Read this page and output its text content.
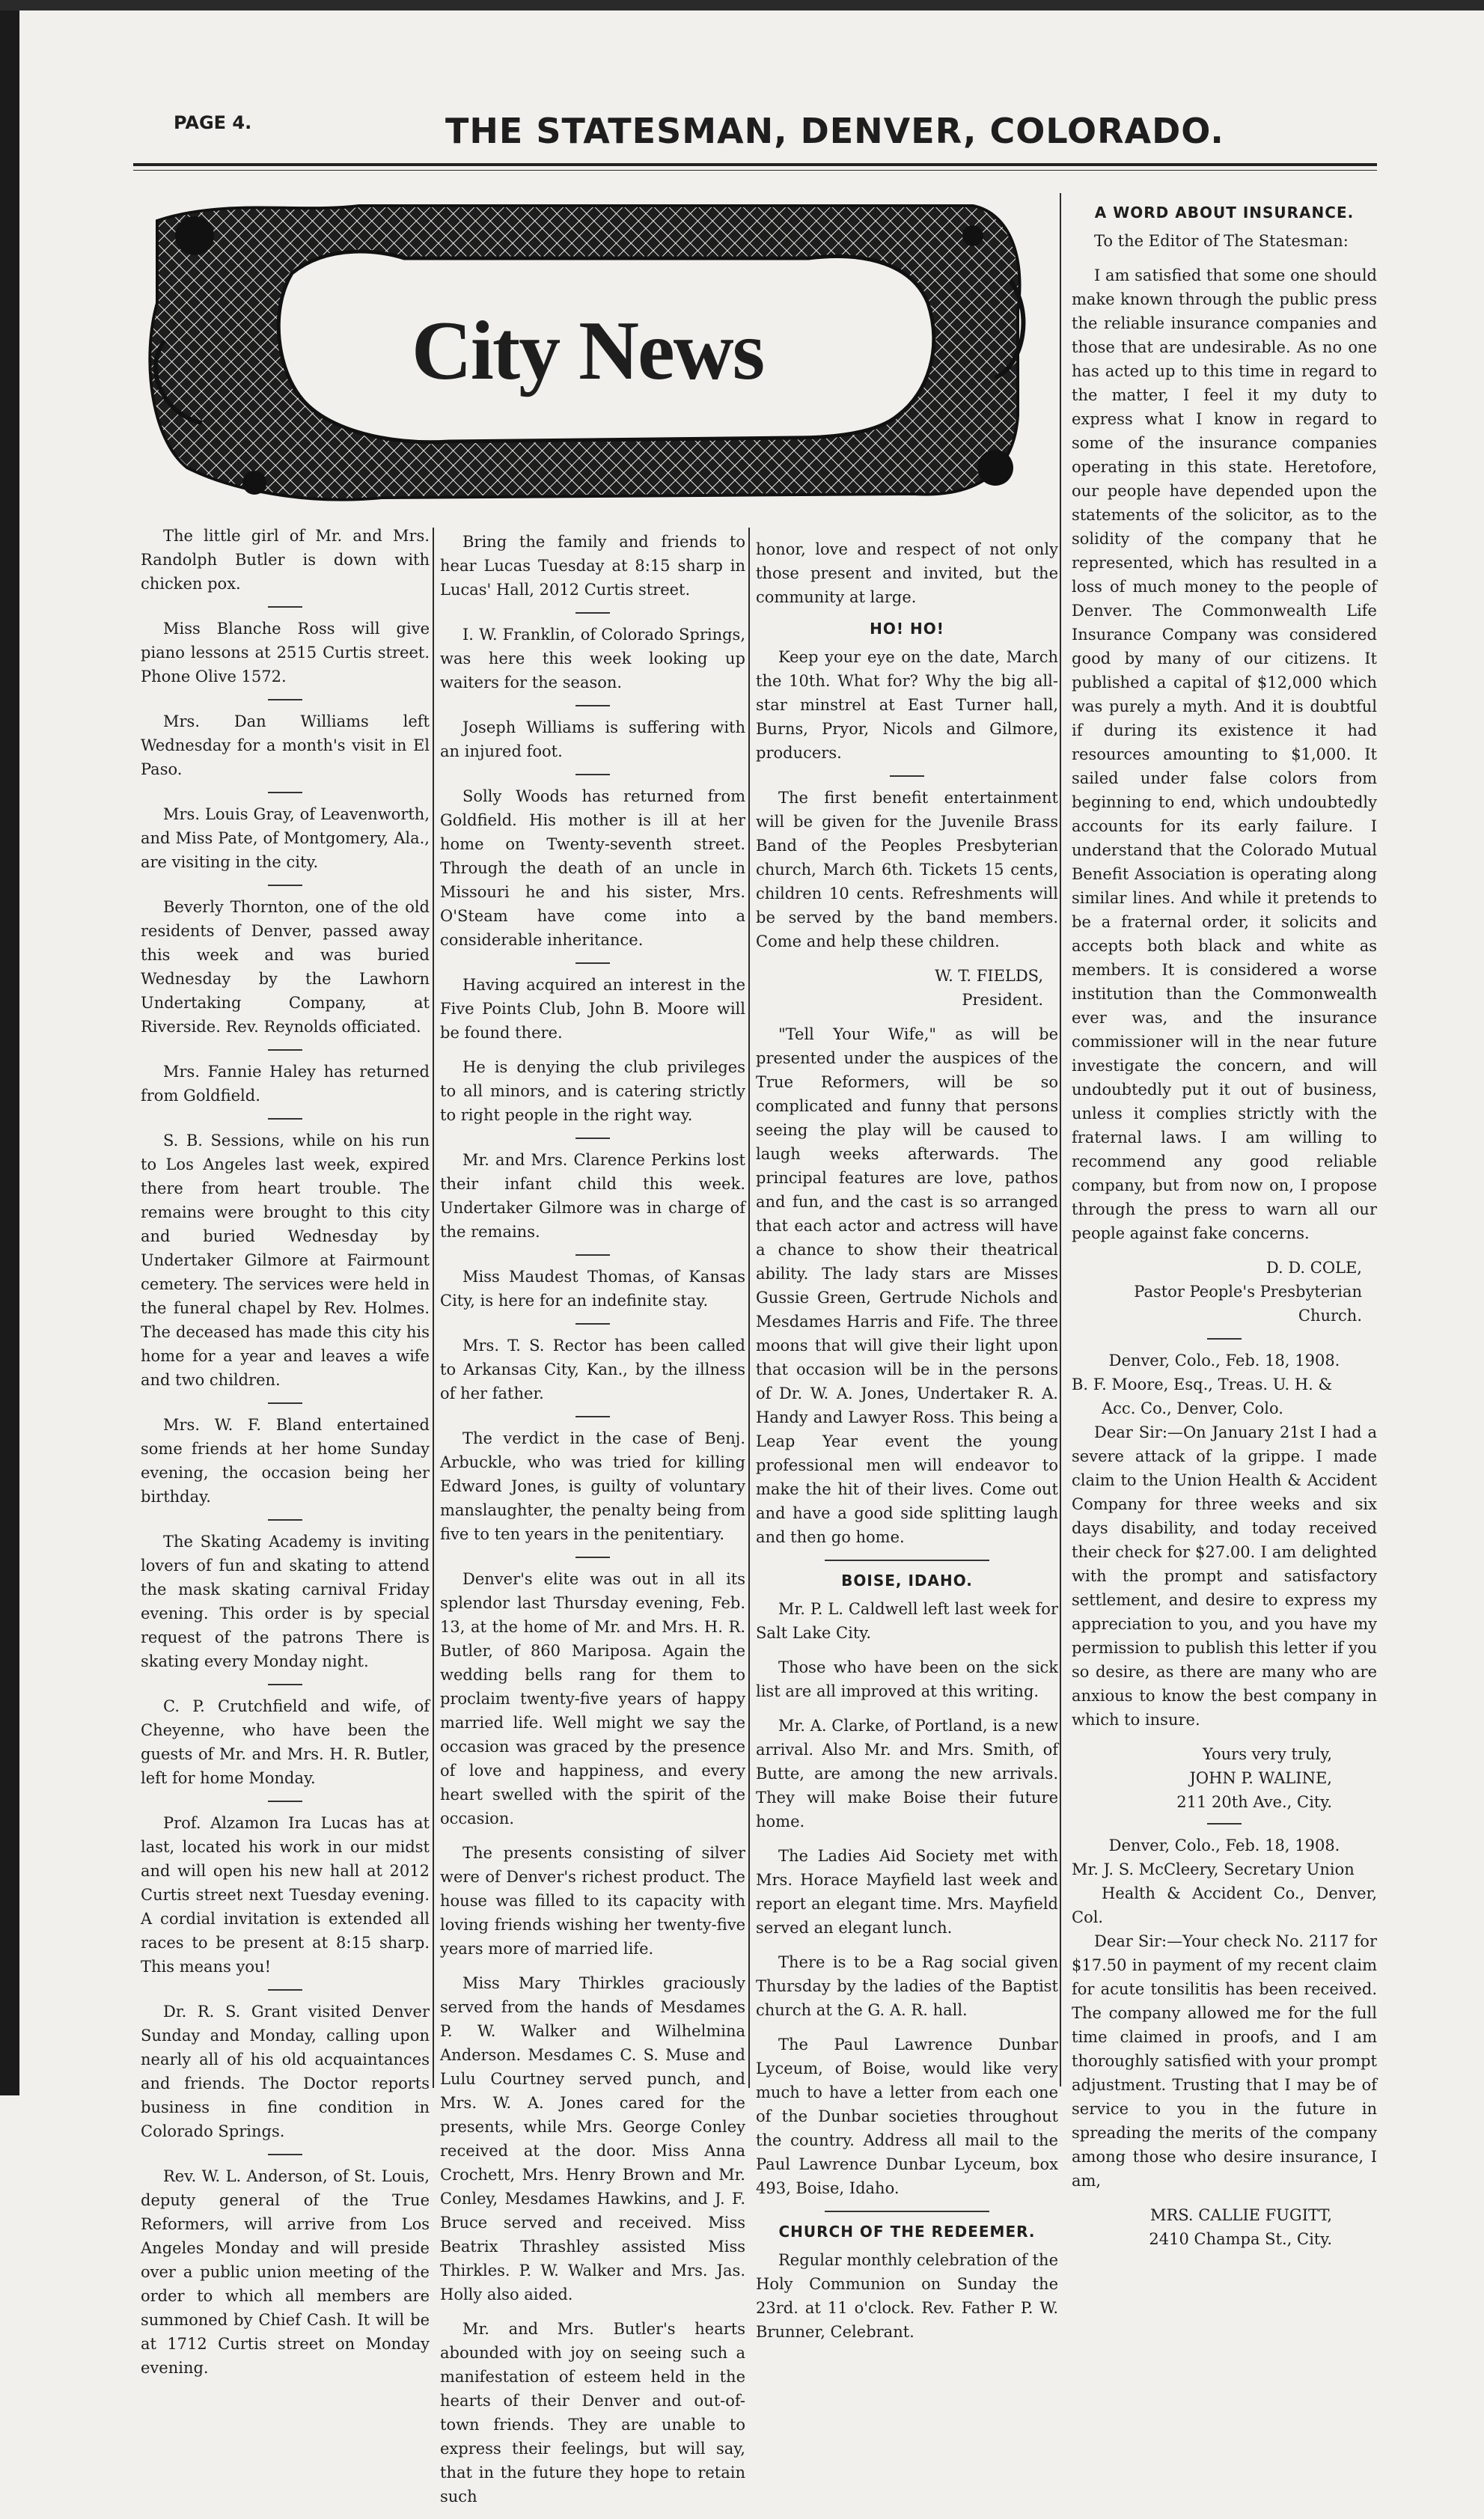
PAGE 4.	THE STATESMAN, DENVER, COLORADO.
City News

The little girl of Mr. and Mrs. Randolph Butler is down with chicken pox.

Miss Blanche Ross will give piano lessons at 2515 Curtis street. Phone Olive 1572.

Mrs. Dan Williams left Wednesday for a month's visit in El Paso.

Mrs. Louis Gray, of Leavenworth, and Miss Pate, of Montgomery, Ala., are visiting in the city.

Beverly Thornton, one of the old residents of Denver, passed away this week and was buried Wednesday by the Lawhorn Undertaking Company, at Riverside. Rev. Reynolds officiated.

Mrs. Fannie Haley has returned from Goldfield.

S. B. Sessions, while on his run to Los Angeles last week, expired there from heart trouble. The remains were brought to this city and buried Wednesday by Undertaker Gilmore at Fairmount cemetery. The services were held in the funeral chapel by Rev. Holmes. The deceased has made this city his home for a year and leaves a wife and two children.

Mrs. W. F. Bland entertained some friends at her home Sunday evening, the occasion being her birthday.

The Skating Academy is inviting lovers of fun and skating to attend the mask skating carnival Friday evening. This order is by special request of the patrons There is skating every Monday night.

C. P. Crutchfield and wife, of Cheyenne, who have been the guests of Mr. and Mrs. H. R. Butler, left for home Monday.

Prof. Alzamon Ira Lucas has at last, located his work in our midst and will open his new hall at 2012 Curtis street next Tuesday evening. A cordial invitation is extended all races to be present at 8:15 sharp. This means you!

Dr. R. S. Grant visited Denver Sunday and Monday, calling upon nearly all of his old acquaintances and friends. The Doctor reports business in fine condition in Colorado Springs.

Rev. W. L. Anderson, of St. Louis, deputy general of the True Reformers, will arrive from Los Angeles Monday and will preside over a public union meeting of the order to which all members are summoned by Chief Cash. It will be at 1712 Curtis street on Monday evening.

Bring the family and friends to hear Lucas Tuesday at 8:15 sharp in Lucas' Hall, 2012 Curtis street.

I. W. Franklin, of Colorado Springs, was here this week looking up waiters for the season.

Joseph Williams is suffering with an injured foot.

Solly Woods has returned from Goldfield. His mother is ill at her home on Twenty-seventh street. Through the death of an uncle in Missouri he and his sister, Mrs. O'Steam have come into a considerable inheritance.

Having acquired an interest in the Five Points Club, John B. Moore will be found there.

He is denying the club privileges to all minors, and is catering strictly to right people in the right way.

Mr. and Mrs. Clarence Perkins lost their infant child this week. Undertaker Gilmore was in charge of the remains.

Miss Maudest Thomas, of Kansas City, is here for an indefinite stay.

Mrs. T. S. Rector has been called to Arkansas City, Kan., by the illness of her father.

The verdict in the case of Benj. Arbuckle, who was tried for killing Edward Jones, is guilty of voluntary manslaughter, the penalty being from five to ten years in the penitentiary.

Denver's elite was out in all its splendor last Thursday evening, Feb. 13, at the home of Mr. and Mrs. H. R. Butler, of 860 Mariposa. Again the wedding bells rang for them to proclaim twenty-five years of happy married life. Well might we say the occasion was graced by the presence of love and happiness, and every heart swelled with the spirit of the occasion.

The presents consisting of silver were of Denver's richest product. The house was filled to its capacity with loving friends wishing her twenty-five years more of married life.

Miss Mary Thirkles graciously served from the hands of Mesdames P. W. Walker and Wilhelmina Anderson. Mesdames C. S. Muse and Lulu Courtney served punch, and Mrs. W. A. Jones cared for the presents, while Mrs. George Conley received at the door. Miss Anna Crochett, Mrs. Henry Brown and Mr. Conley, Mesdames Hawkins, and J. F. Bruce served and received. Miss Beatrix Thrashley assisted Miss Thirkles. P. W. Walker and Mrs. Jas. Holly also aided.

Mr. and Mrs. Butler's hearts abounded with joy on seeing such a manifestation of esteem held in the hearts of their Denver and out-of-town friends. They are unable to express their feelings, but will say, that in the future they hope to retain such

honor, love and respect of not only those present and invited, but the community at large.

HO! HO!

Keep your eye on the date, March the 10th. What for? Why the big all-star minstrel at East Turner hall, Burns, Pryor, Nicols and Gilmore, producers.

The first benefit entertainment will be given for the Juvenile Brass Band of the Peoples Presbyterian church, March 6th. Tickets 15 cents, children 10 cents. Refreshments will be served by the band members. Come and help these children.

W. T. FIELDS,

President.

"Tell Your Wife," as will be presented under the auspices of the True Reformers, will be so complicated and funny that persons seeing the play will be caused to laugh weeks afterwards. The principal features are love, pathos and fun, and the cast is so arranged that each actor and actress will have a chance to show their theatrical ability. The lady stars are Misses Gussie Green, Gertrude Nichols and Mesdames Harris and Fife. The three moons that will give their light upon that occasion will be in the persons of Dr. W. A. Jones, Undertaker R. A. Handy and Lawyer Ross. This being a Leap Year event the young professional men will endeavor to make the hit of their lives. Come out and have a good side splitting laugh and then go home.

BOISE, IDAHO.

Mr. P. L. Caldwell left last week for Salt Lake City.

Those who have been on the sick list are all improved at this writing.

Mr. A. Clarke, of Portland, is a new arrival. Also Mr. and Mrs. Smith, of Butte, are among the new arrivals. They will make Boise their future home.

The Ladies Aid Society met with Mrs. Horace Mayfield last week and report an elegant time. Mrs. Mayfield served an elegant lunch.

There is to be a Rag social given Thursday by the ladies of the Baptist church at the G. A. R. hall.

The Paul Lawrence Dunbar Lyceum, of Boise, would like very much to have a letter from each one of the Dunbar societies throughout the country. Address all mail to the Paul Lawrence Dunbar Lyceum, box 493, Boise, Idaho.

CHURCH OF THE REDEEMER.

Regular monthly celebration of the Holy Communion on Sunday the 23rd. at 11 o'clock. Rev. Father P. W. Brunner, Celebrant.

A WORD ABOUT INSURANCE.

To the Editor of The Statesman:

I am satisfied that some one should make known through the public press the reliable insurance companies and those that are undesirable. As no one has acted up to this time in regard to the matter, I feel it my duty to express what I know in regard to some of the insurance companies operating in this state. Heretofore, our people have depended upon the statements of the solicitor, as to the solidity of the company that he represented, which has resulted in a loss of much money to the people of Denver. The Commonwealth Life Insurance Company was considered good by many of our citizens. It published a capital of $12,000 which was purely a myth. And it is doubtful if during its existence it had resources amounting to $1,000. It sailed under false colors from beginning to end, which undoubtedly accounts for its early failure. I understand that the Colorado Mutual Benefit Association is operating along similar lines. And while it pretends to be a fraternal order, it solicits and accepts both black and white as members. It is considered a worse institution than the Commonwealth ever was, and the insurance commissioner will in the near future investigate the concern, and will undoubtedly put it out of business, unless it complies strictly with the fraternal laws. I am willing to recommend any good reliable company, but from now on, I propose through the press to warn all our people against fake concerns.

D. D. COLE,

Pastor People's Presbyterian Church.

Denver, Colo., Feb. 18, 1908.

B. F. Moore, Esq., Treas. U. H. &

Acc. Co., Denver, Colo.

Dear Sir:—On January 21st I had a severe attack of la grippe. I made claim to the Union Health & Accident Company for three weeks and six days disability, and today received their check for $27.00. I am delighted with the prompt and satisfactory settlement, and desire to express my appreciation to you, and you have my permission to publish this letter if you so desire, as there are many who are anxious to know the best company in which to insure.

Yours very truly,

JOHN P. WALINE,

211 20th Ave., City.

Denver, Colo., Feb. 18, 1908.

Mr. J. S. McCleery, Secretary Union

Health & Accident Co., Denver, Col.

Dear Sir:—Your check No. 2117 for $17.50 in payment of my recent claim for acute tonsilitis has been received. The company allowed me for the full time claimed in proofs, and I am thoroughly satisfied with your prompt adjustment. Trusting that I may be of service to you in the future in spreading the merits of the company among those who desire insurance, I am,

MRS. CALLIE FUGITT,

2410 Champa St., City.
